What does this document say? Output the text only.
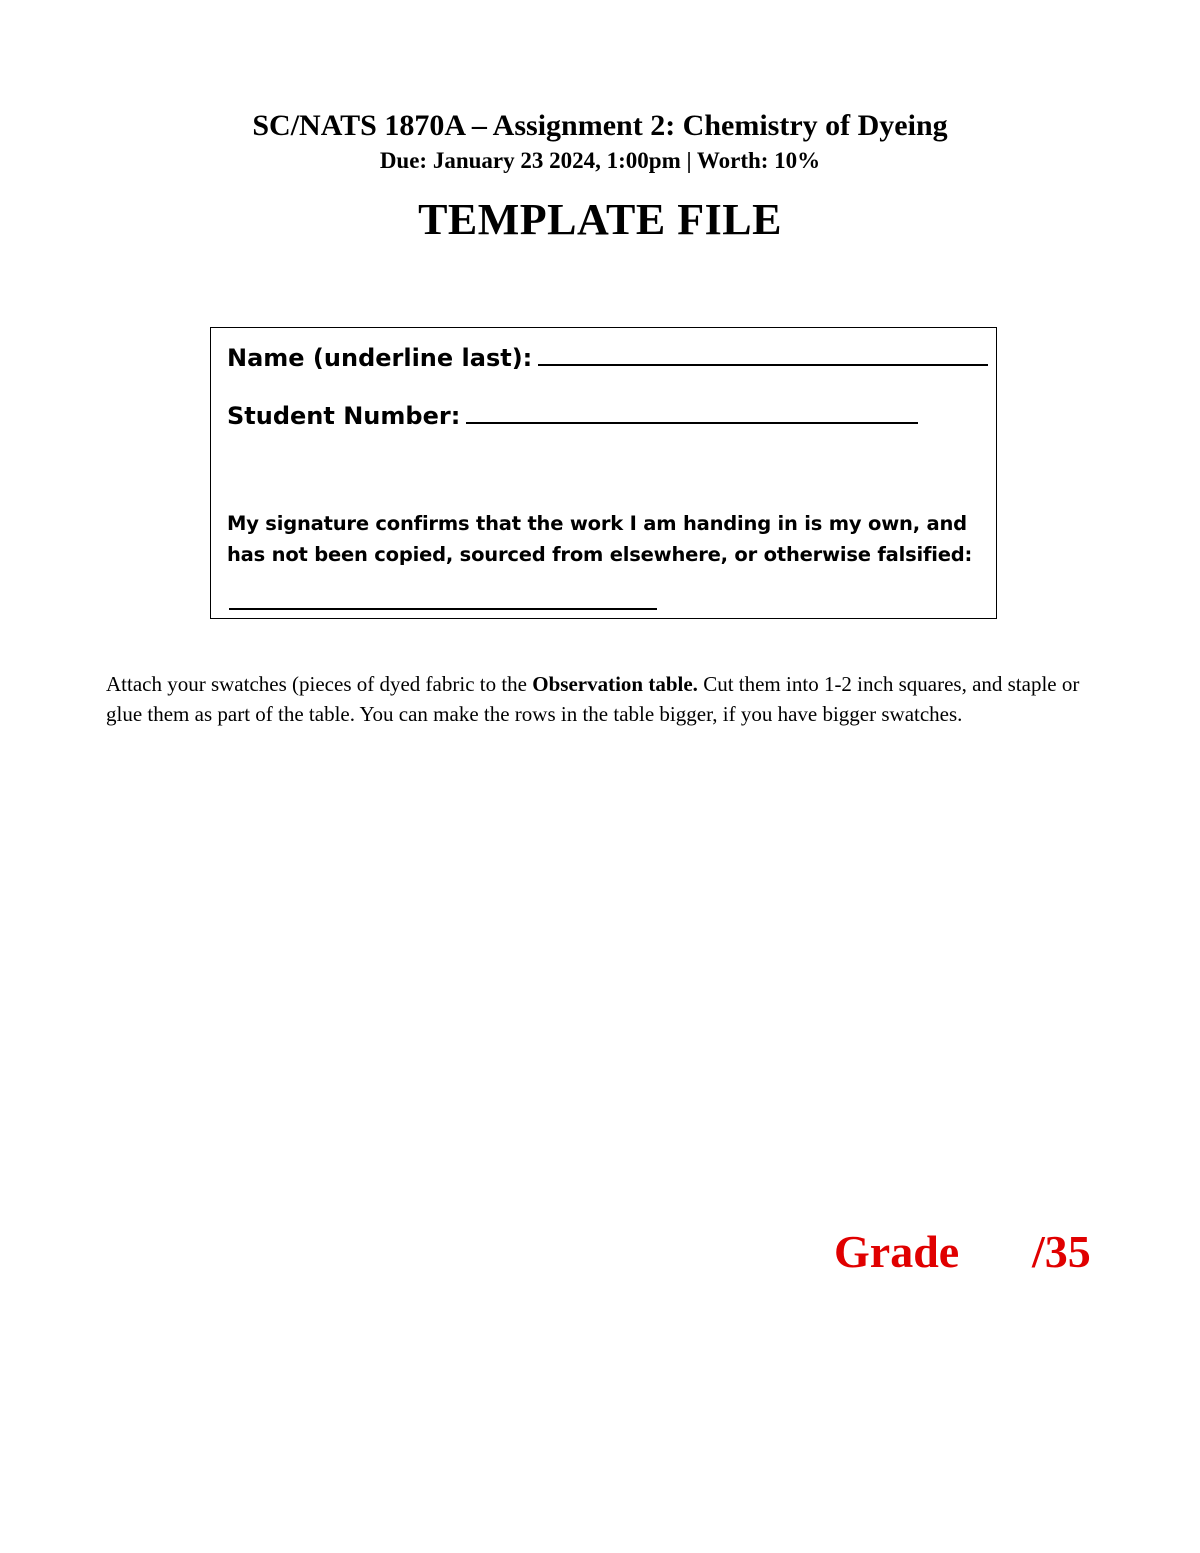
SC/NATS 1870A – Assignment 2: Chemistry of Dyeing
Due: January 23 2024, 1:00pm | Worth: 10%
TEMPLATE FILE
Name (underline last):
Student Number:
My signature confirms that the work I am handing in is my own, and has not been copied, sourced from elsewhere, or otherwise falsified:
Attach your swatches (pieces of dyed fabric to the Observation table. Cut them into 1-2 inch squares, and staple or glue them as part of the table. You can make the rows in the table bigger, if you have bigger swatches.
Grade /35
